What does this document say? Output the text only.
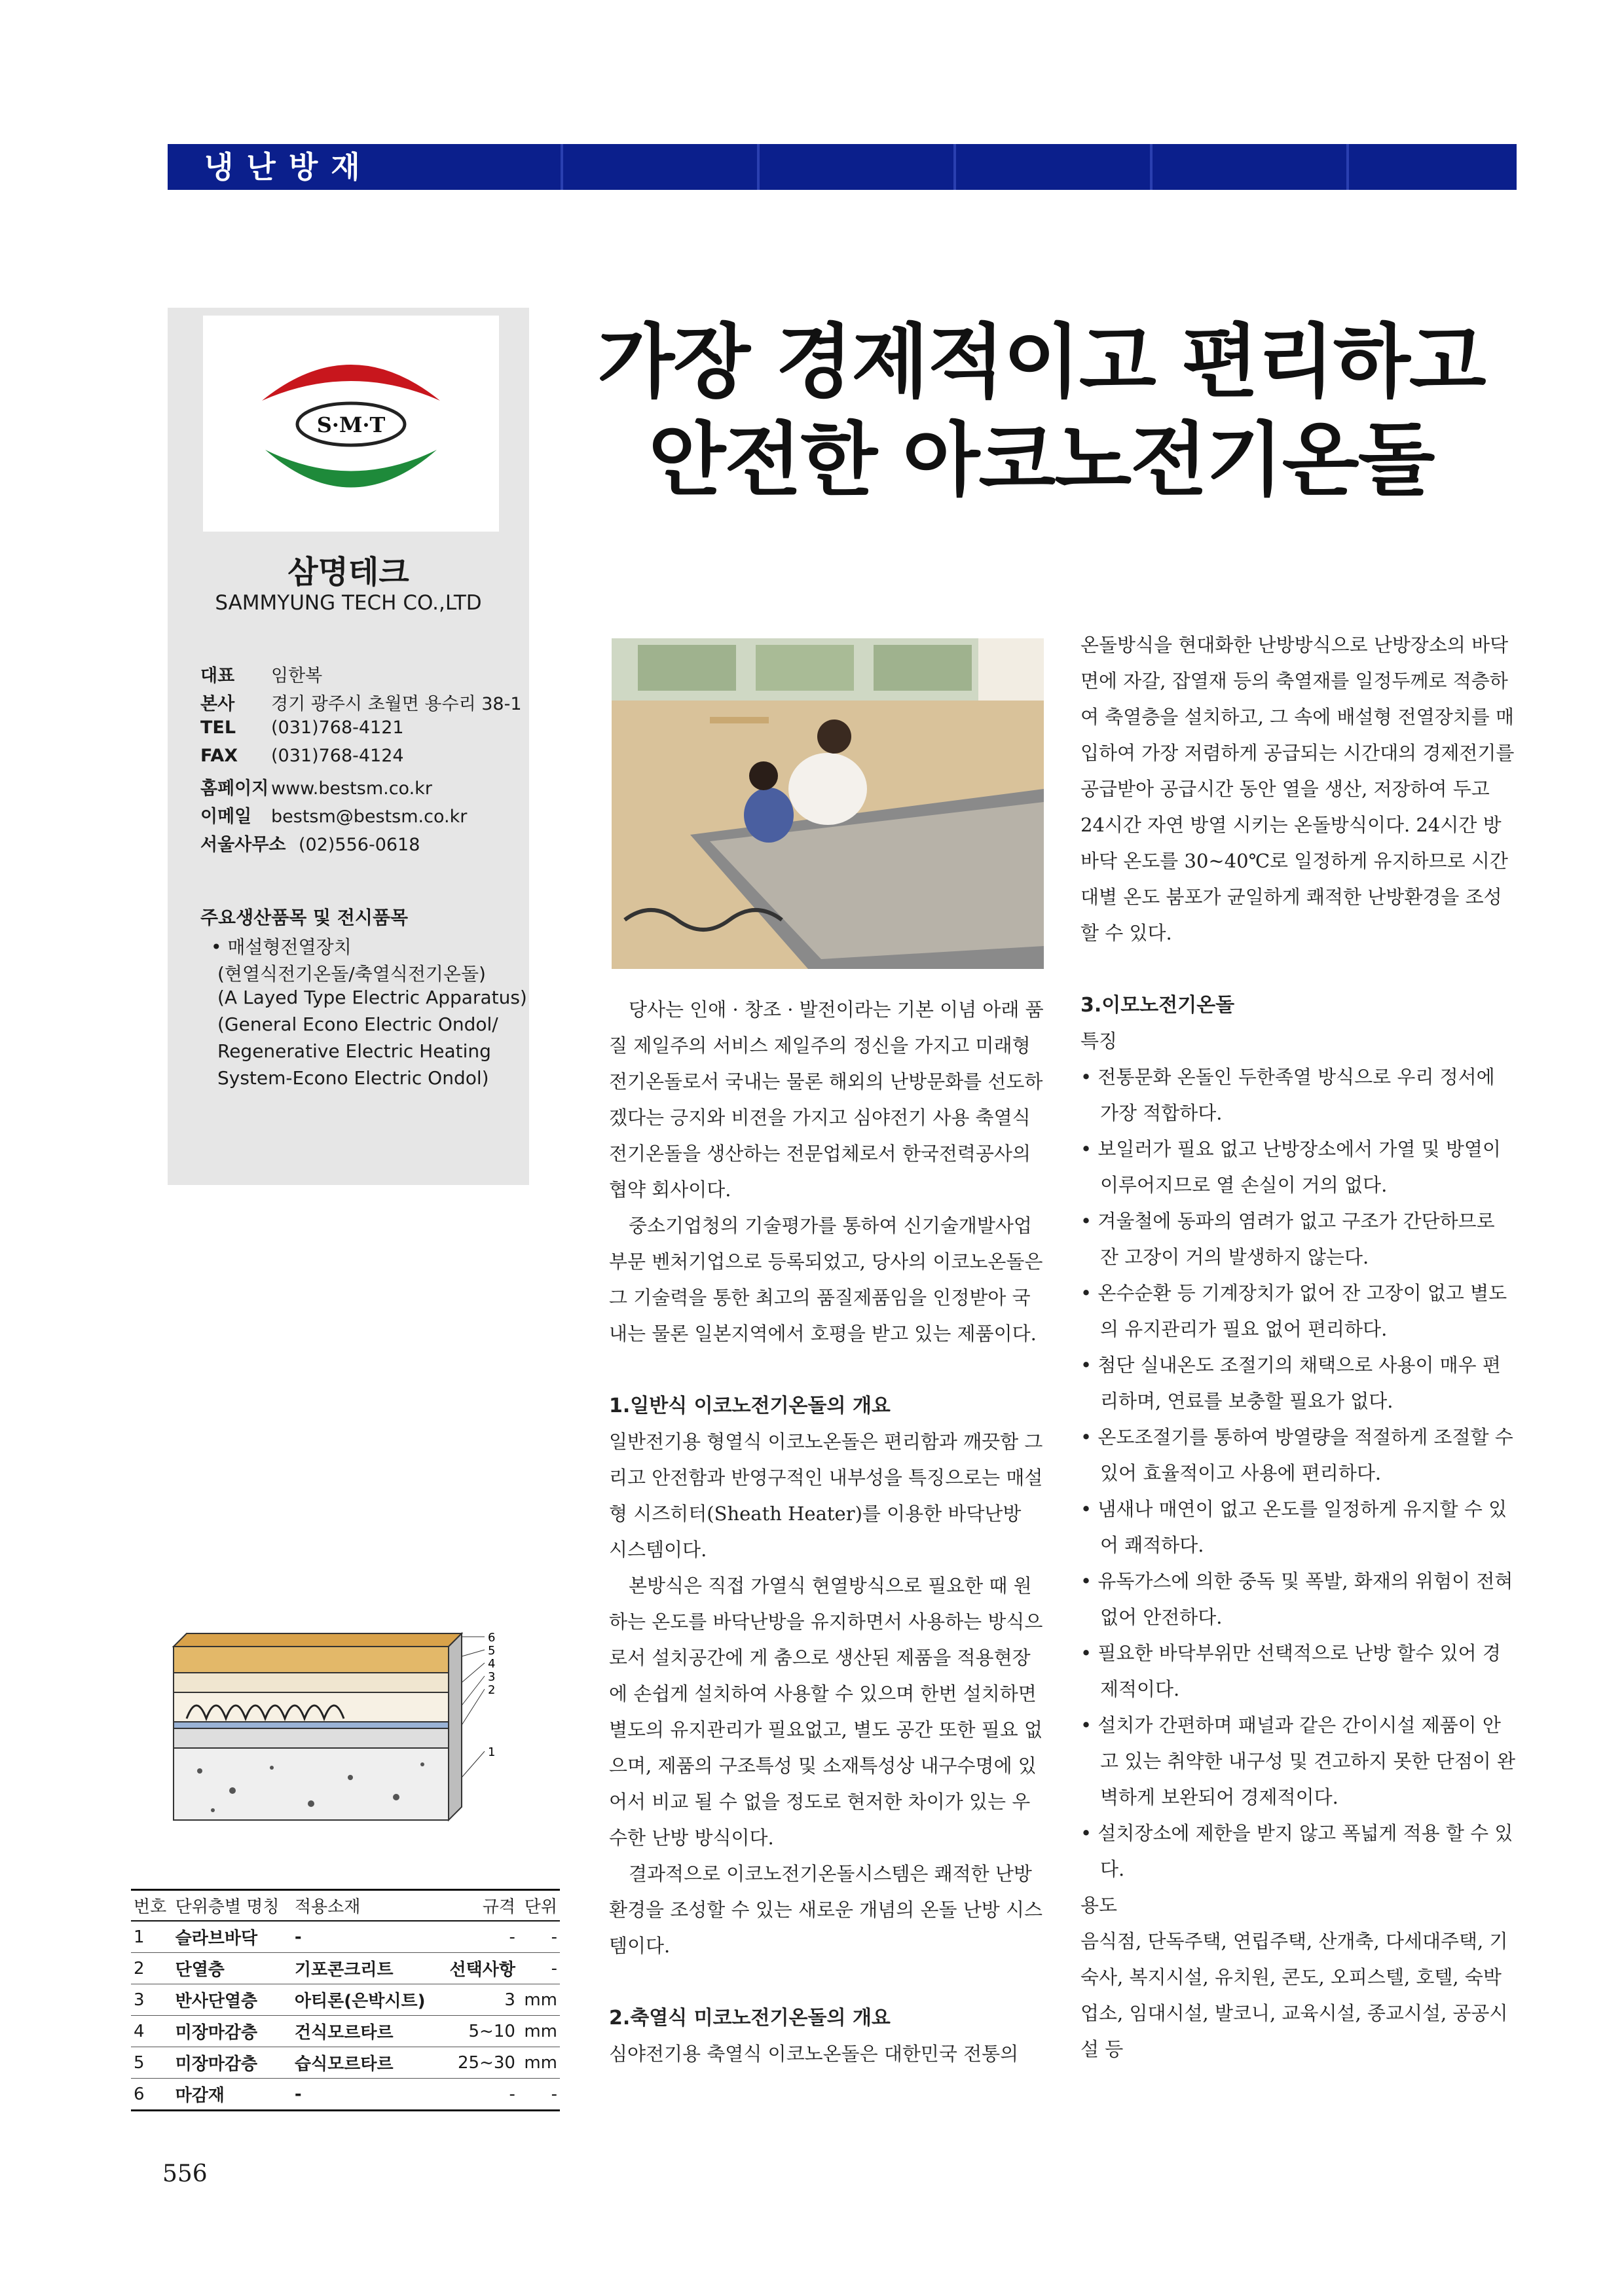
냉난방재
S·M·T
삼명테크
SAMMYUNG TECH CO.,LTD
대표 임한복
본사 경기 광주시 초월면 용수리 38-1
TEL (031)768-4121
FAX (031)768-4124
홈페이지 www.bestsm.co.kr
이메일 bestsm@bestsm.co.kr
서울사무소 (02)556-0618
주요생산품목 및 전시품목
• 매설형전열장치
(현열식전기온돌/축열식전기온돌)
(A Layed Type Electric Apparatus)
(General Econo Electric Ondol/
Regenerative Electric Heating
System-Econo Electric Ondol)
가장 경제적이고 편리하고
안전한 아코노전기온돌

당사는 인애 · 창조 · 발전이라는 기본 이념 아래 품질 제일주의 서비스 제일주의 정신을 가지고 미래형 전기온돌로서 국내는 물론 해외의 난방문화를 선도하겠다는 긍지와 비젼을 가지고 심야전기 사용 축열식 전기온돌을 생산하는 전문업체로서 한국전력공사의 협약 회사이다.

중소기업청의 기술평가를 통하여 신기술개발사업 부문 벤처기업으로 등록되었고, 당사의 이코노온돌은 그 기술력을 통한 최고의 품질제품임을 인정받아 국내는 물론 일본지역에서 호평을 받고 있는 제품이다.

1.일반식 이코노전기온돌의 개요

일반전기용 형열식 이코노온돌은 편리함과 깨끗함 그리고 안전함과 반영구적인 내부성을 특징으로는 매설형 시즈히터(Sheath Heater)를 이용한 바닥난방 시스템이다.

본방식은 직접 가열식 현열방식으로 필요한 때 원하는 온도를 바닥난방을 유지하면서 사용하는 방식으로서 설치공간에 게 춤으로 생산된 제품을 적용현장에 손쉽게 설치하여 사용할 수 있으며 한번 설치하면 별도의 유지관리가 필요없고, 별도 공간 또한 필요 없으며, 제품의 구조특성 및 소재특성상 내구수명에 있어서 비교 될 수 없을 정도로 현저한 차이가 있는 우수한 난방 방식이다.

결과적으로 이코노전기온돌시스템은 쾌적한 난방환경을 조성할 수 있는 새로운 개념의 온돌 난방 시스템이다.

2.축열식 미코노전기온돌의 개요

심야전기용 축열식 이코노온돌은 대한민국 전통의

온돌방식을 현대화한 난방방식으로 난방장소의 바닥면에 자갈, 잡열재 등의 축열재를 일정두께로 적층하여 축열층을 설치하고, 그 속에 배설형 전열장치를 매입하여 가장 저렴하게 공급되는 시간대의 경제전기를 공급받아 공급시간 동안 열을 생산, 저장하여 두고 24시간 자연 방열 시키는 온돌방식이다. 24시간 방바닥 온도를 30~40℃로 일정하게 유지하므로 시간대별 온도 붐포가 균일하게 쾌적한 난방환경을 조성할 수 있다.

3.이모노전기온돌

특징

• 전통문화 온돌인 두한족열 방식으로 우리 정서에 가장 적합하다.

• 보일러가 필요 없고 난방장소에서 가열 및 방열이 이루어지므로 열 손실이 거의 없다.

• 겨울철에 동파의 염려가 없고 구조가 간단하므로 잔 고장이 거의 발생하지 않는다.

• 온수순환 등 기계장치가 없어 잔 고장이 없고 별도의 유지관리가 필요 없어 편리하다.

• 첨단 실내온도 조절기의 채택으로 사용이 매우 편리하며, 연료를 보충할 필요가 없다.

• 온도조절기를 통하여 방열량을 적절하게 조절할 수 있어 효율적이고 사용에 편리하다.

• 냄새나 매연이 없고 온도를 일정하게 유지할 수 있어 쾌적하다.

• 유독가스에 의한 중독 및 폭발, 화재의 위험이 전혀 없어 안전하다.

• 필요한 바닥부위만 선택적으로 난방 할수 있어 경제적이다.

• 설치가 간편하며 패널과 같은 간이시설 제품이 안고 있는 취약한 내구성 및 견고하지 못한 단점이 완벽하게 보완되어 경제적이다.

• 설치장소에 제한을 받지 않고 폭넓게 적용 할 수 있다.

용도

음식점, 단독주택, 연립주택, 산개축, 다세대주택, 기숙사, 복지시설, 유치원, 콘도, 오피스텔, 호텔, 숙박업소, 임대시설, 발코니, 교육시설, 종교시설, 공공시설 등

6
5
4
3
2
1
번호	단위층별 명칭	적용소재	규격	단위
1	슬라브바닥	-	-	-
2	단열층	기포콘크리트	선택사항	-
3	반사단열층	아티론(은박시트)	3	mm
4	미장마감층	건식모르타르	5~10	mm
5	미장마감층	습식모르타르	25~30	mm
6	마감재	-	-	-
556
